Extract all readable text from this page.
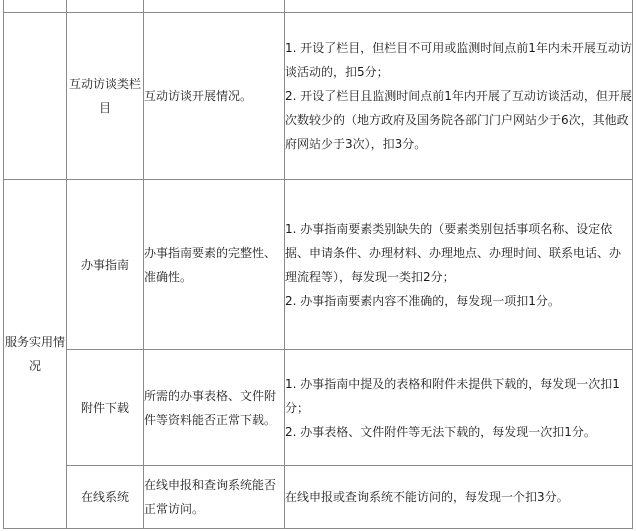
	互动访谈类栏目	互动访谈开展情况。	1. 开设了栏目，但栏目不可用或监测时间点前1年内未开展互动访谈活动的，扣5分；

2. 开设了栏目且监测时间点前1年内开展了互动访谈活动，但开展次数较少的（地方政府及国务院各部门门户网站少于6次，其他政府网站少于3次），扣3分。

服务实用情况	办事指南	办事指南要素的完整性、准确性。	1. 办事指南要素类别缺失的（要素类别包括事项名称、设定依据、申请条件、办理材料、办理地点、办理时间、联系电话、办理流程等），每发现一类扣2分；

2. 办事指南要素内容不准确的，每发现一项扣1分。

	附件下载	所需的办事表格、文件附件等资料能否正常下载。	1. 办事指南中提及的表格和附件未提供下载的，每发现一次扣1分；

2. 办事表格、文件附件等无法下载的，每发现一次扣1分。

	在线系统	在线申报和查询系统能否正常访问。	在线申报或查询系统不能访问的，每发现一个扣3分。
